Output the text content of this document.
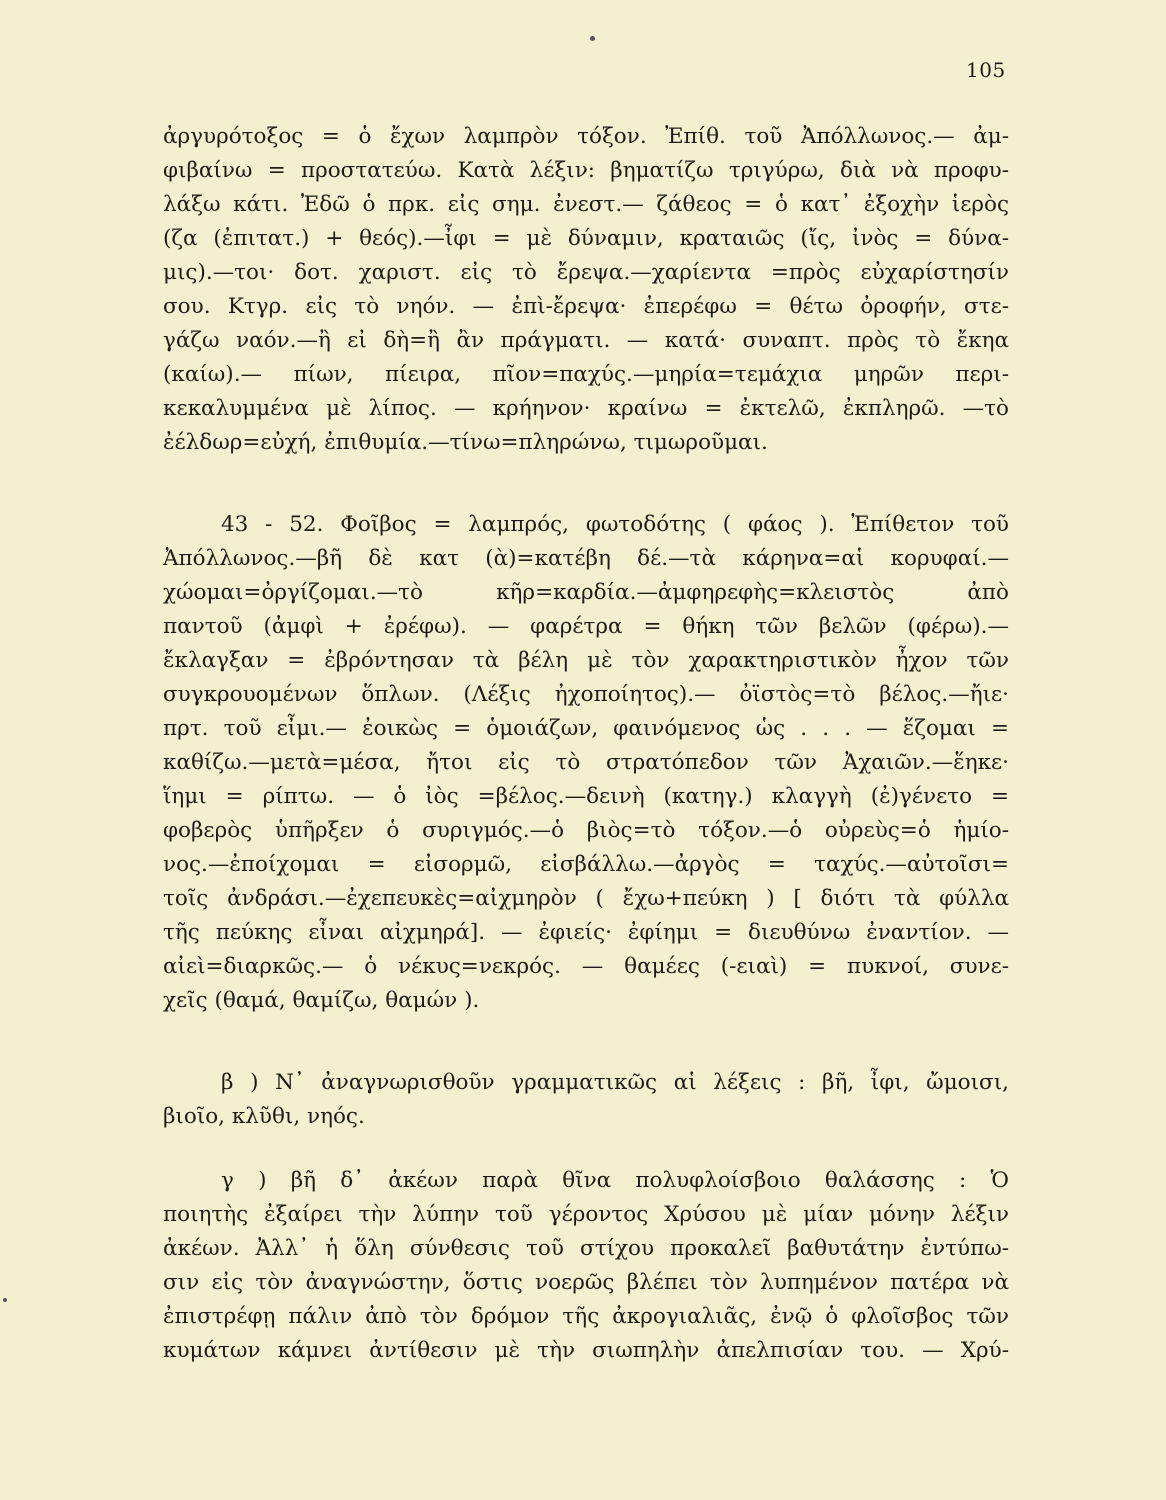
105
ἀργυρότοξος = ὁ ἔχων λαμπρὸν τόξον. Ἐπίθ. τοῦ Ἀπόλλωνος.— ἀμ-
φιβαίνω = προστατεύω. Κατὰ λέξιν: βηματίζω τριγύρω, διὰ νὰ προφυ-
λάξω κάτι. Ἐδῶ ὁ πρκ. εἰς σημ. ἐνεστ.— ζάθεος = ὁ κατ᾽ ἐξοχὴν ἱερὸς
(ζα (ἐπιτατ.) + θεός).—ἶφι = μὲ δύναμιν, κραταιῶς (ἴς, ἰνὸς = δύνα-
μις).—τοι· δοτ. χαριστ. εἰς τὸ ἔρεψα.—χαρίεντα =πρὸς εὐχαρίστησίν
σου. Κτγρ. εἰς τὸ νηόν. — ἐπὶ-ἔρεψα· ἐπερέφω = θέτω ὀροφήν, στε-
γάζω ναόν.—ἢ εἰ δὴ=ἢ ἂν πράγματι. — κατά· συναπτ. πρὸς τὸ ἔκηα
(καίω).— πίων, πίειρα, πῖον=παχύς.—μηρία=τεμάχια μηρῶν περι-
κεκαλυμμένα μὲ λίπος. — κρήηνον· κραίνω = ἐκτελῶ, ἐκπληρῶ. —τὸ
ἐέλδωρ=εὐχή, ἐπιθυμία.—τίνω=πληρώνω, τιμωροῦμαι.
43 - 52. Φοῖβος = λαμπρός, φωτοδότης ( φάος ). Ἐπίθετον τοῦ
Ἀπόλλωνος.—βῆ δὲ κατ (ὰ)=κατέβη δέ.—τὰ κάρηνα=αἱ κορυφαί.—
χώομαι=ὀργίζομαι.—τὸ κῆρ=καρδία.—ἀμφηρεφὴς=κλειστὸς ἀπὸ
παντοῦ (ἀμφὶ + ἐρέφω). — φαρέτρα = θήκη τῶν βελῶν (φέρω).—
ἔκλαγξαν = ἐβρόντησαν τὰ βέλη μὲ τὸν χαρακτηριστικὸν ἦχον τῶν
συγκρουομένων ὅπλων. (Λέξις ἠχοποίητος).— ὀϊστὸς=τὸ βέλος.—ἤιε·
πρτ. τοῦ εἶμι.— ἐοικὼς = ὁμοιάζων, φαινόμενος ὡς . . . — ἕζομαι =
καθίζω.—μετὰ=μέσα, ἤτοι εἰς τὸ στρατόπεδον τῶν Ἀχαιῶν.—ἕηκε·
ἵημι = ρίπτω. — ὁ ἰὸς =βέλος.—δεινὴ (κατηγ.) κλαγγὴ (ἐ)γένετο =
φοβερὸς ὑπῆρξεν ὁ συριγμός.—ὁ βιὸς=τὸ τόξον.—ὁ οὐρεὺς=ὁ ἡμίο-
νος.—ἐποίχομαι = εἰσορμῶ, εἰσβάλλω.—ἀργὸς = ταχύς.—αὐτοῖσι=
τοῖς ἀνδράσι.—ἐχεπευκὲς=αἰχμηρὸν ( ἔχω+πεύκη ) [ διότι τὰ φύλλα
τῆς πεύκης εἶναι αἰχμηρά]. — ἐφιείς· ἐφίημι = διευθύνω ἐναντίον. —
αἰεὶ=διαρκῶς.— ὁ νέκυς=νεκρός. — θαμέες (-ειαὶ) = πυκνοί, συνε-
χεῖς (θαμά, θαμίζω, θαμών ).
β ) Ν᾽ ἀναγνωρισθοῦν γραμματικῶς αἱ λέξεις : βῆ, ἶφι, ὤμοισι,
βιοῖο, κλῦθι, νηός.
γ ) βῆ δ᾽ ἀκέων παρὰ θῖνα πολυφλοίσβοιο θαλάσσης : Ὁ
ποιητὴς ἐξαίρει τὴν λύπην τοῦ γέροντος Χρύσου μὲ μίαν μόνην λέξιν
ἀκέων. Ἀλλ᾽ ἡ ὅλη σύνθεσις τοῦ στίχου προκαλεῖ βαθυτάτην ἐντύπω-
σιν εἰς τὸν ἀναγνώστην, ὅστις νοερῶς βλέπει τὸν λυπημένον πατέρα νὰ
ἐπιστρέφῃ πάλιν ἀπὸ τὸν δρόμον τῆς ἀκρογιαλιᾶς, ἐνῷ ὁ φλοῖσβος τῶν
κυμάτων κάμνει ἀντίθεσιν μὲ τὴν σιωπηλὴν ἀπελπισίαν του. — Χρύ-
